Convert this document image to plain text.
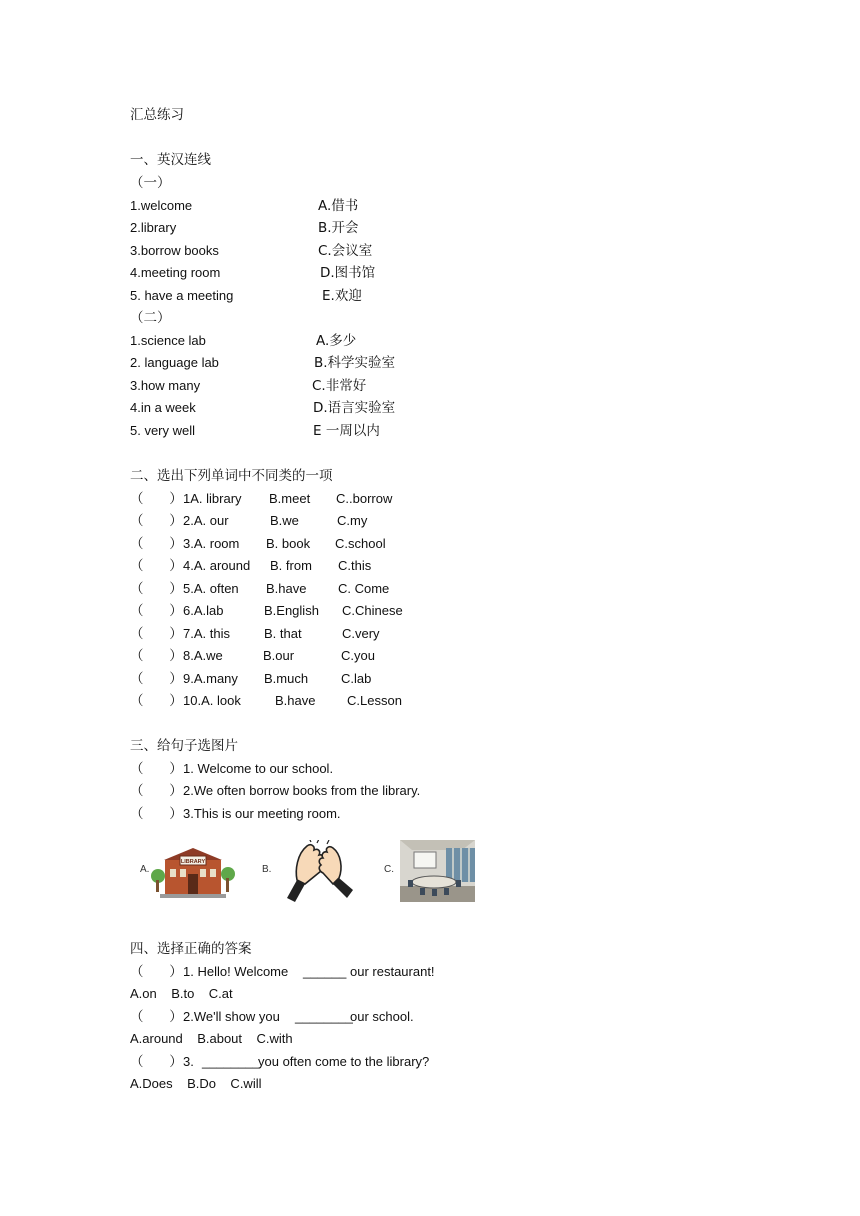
汇总练习
一、英汉连线
（一）
1.welcome	A.借书
2.library	B.开会
3.borrow books	C.会议室
4.meeting room	D.图书馆
5. have a meeting	E.欢迎
（二）
1.science lab	A.多少
2. language lab	B.科学实验室
3.how many	C.非常好
4.in a week	D.语言实验室
5. very well	E 一周以内
二、选出下列单词中不同类的一项
（      ） 1A. library B.meet C..borrow
（      ） 2.A. our	B.we	C.my
（      ） 3.A. room B. book C.school
（      ） 4.A. around B. from C.this
（      ） 5.A. often B.have C. Come
（      ） 6.A.lab	B.English C.Chinese
（      ） 7.A. this	B. that	C.very
（      ） 8.A.we	B.our	C.you
（      ） 9.A.many B.much	C.lab
（      ） 10.A. look	B.have C.Lesson
三、给句子选图片
（      ） 1. Welcome to our school.
（      ） 2.We often borrow books from the library.
（      ） 3.This is our meeting room.
A.
LIBRARY
B.	C.
四、选择正确的答案
（      ） 1. Hello! Welcome ______ our restaurant!
A.on    B.to    C.at
（      ） 2.We'll show you ________
our school.
A.around    B.about    C.with
（      ） 3. ________
you often come to the library?
A.Does    B.Do    C.will
